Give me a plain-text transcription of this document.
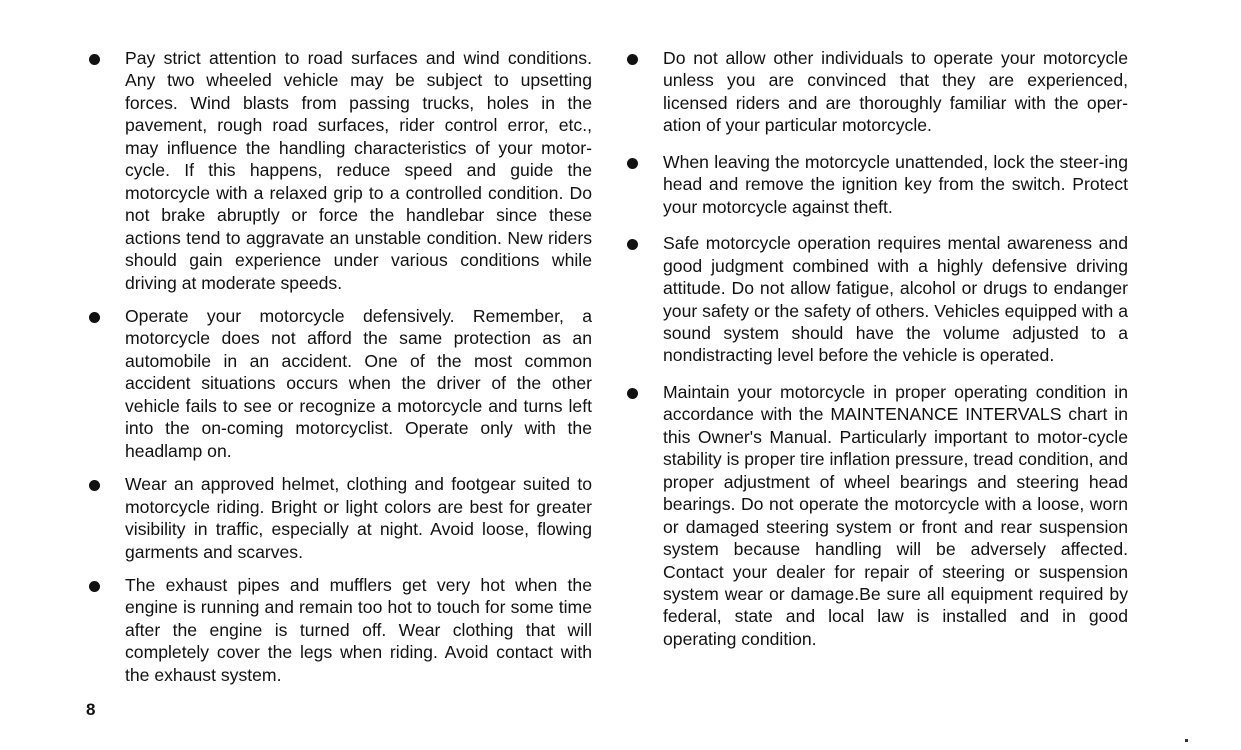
Pay strict attention to road surfaces and wind conditions. Any two wheeled vehicle may be subject to upsetting forces. Wind blasts from passing trucks, holes in the pavement, rough road surfaces, rider control error, etc., may influence the handling characteristics of your motor-cycle. If this happens, reduce speed and guide the motorcycle with a relaxed grip to a controlled condition. Do not brake abruptly or force the handlebar since these actions tend to aggravate an unstable condition. New riders should gain experience under various conditions while driving at moderate speeds.
Operate your motorcycle defensively. Remember, a motorcycle does not afford the same protection as an automobile in an accident. One of the most common accident situations occurs when the driver of the other vehicle fails to see or recognize a motorcycle and turns left into the on-coming motorcyclist. Operate only with the headlamp on.
Wear an approved helmet, clothing and footgear suited to motorcycle riding. Bright or light colors are best for greater visibility in traffic, especially at night. Avoid loose, flowing garments and scarves.
The exhaust pipes and mufflers get very hot when the engine is running and remain too hot to touch for some time after the engine is turned off. Wear clothing that will completely cover the legs when riding. Avoid contact with the exhaust system.
Do not allow other individuals to operate your motorcycle unless you are convinced that they are experienced, licensed riders and are thoroughly familiar with the oper-ation of your particular motorcycle.
When leaving the motorcycle unattended, lock the steer-ing head and remove the ignition key from the switch. Protect your motorcycle against theft.
Safe motorcycle operation requires mental awareness and good judgment combined with a highly defensive driving attitude. Do not allow fatigue, alcohol or drugs to endanger your safety or the safety of others. Vehicles equipped with a sound system should have the volume adjusted to a nondistracting level before the vehicle is operated.
Maintain your motorcycle in proper operating condition in accordance with the MAINTENANCE INTERVALS chart in this Owner's Manual. Particularly important to motor-cycle stability is proper tire inflation pressure, tread condition, and proper adjustment of wheel bearings and steering head bearings. Do not operate the motorcycle with a loose, worn or damaged steering system or front and rear suspension system because handling will be adversely affected. Contact your dealer for repair of steering or suspension system wear or damage.Be sure all equipment required by federal, state and local law is installed and in good operating condition.
8
